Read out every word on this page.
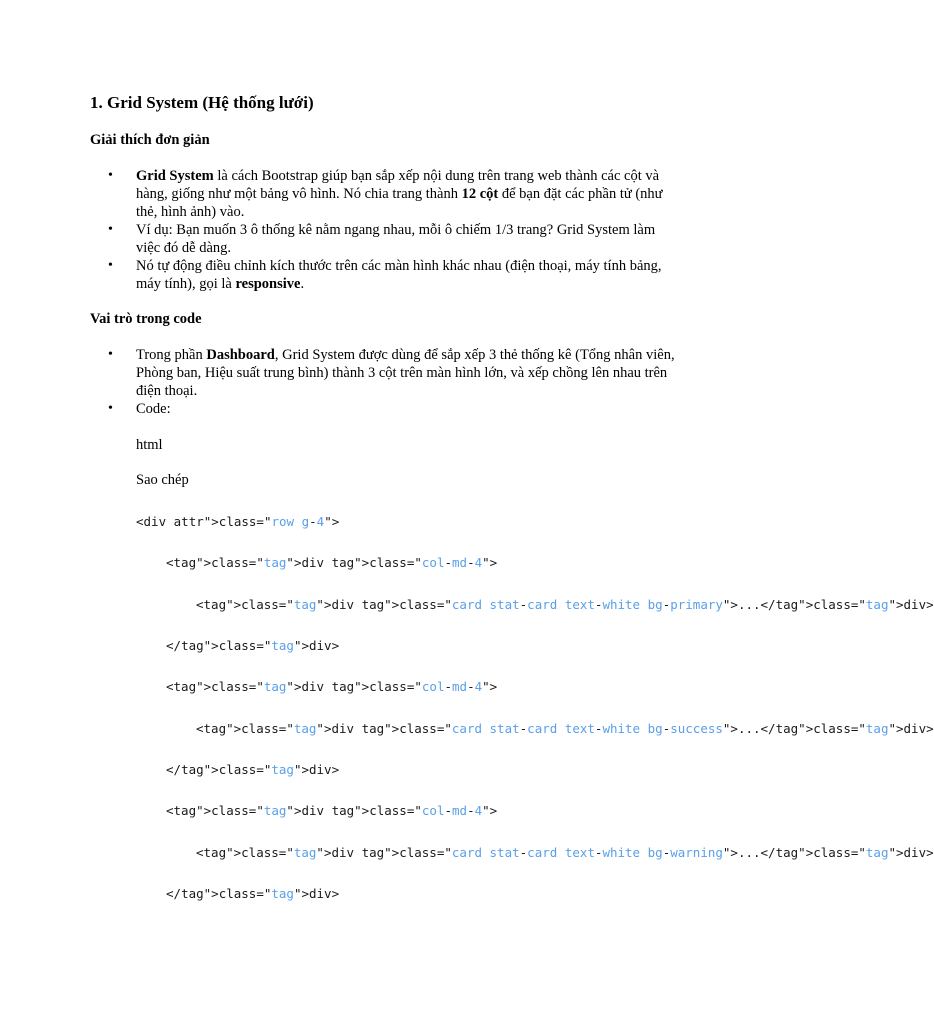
1. Grid System (Hệ thống lưới)
Giải thích đơn giản
• Grid System là cách Bootstrap giúp bạn sắp xếp nội dung trên trang web thành các cột và hàng, giống như một bảng vô hình. Nó chia trang thành 12 cột để bạn đặt các phần tử (như thẻ, hình ảnh) vào.
• Ví dụ: Bạn muốn 3 ô thống kê nằm ngang nhau, mỗi ô chiếm 1/3 trang? Grid System làm việc đó dễ dàng.
• Nó tự động điều chỉnh kích thước trên các màn hình khác nhau (điện thoại, máy tính bảng, máy tính), gọi là responsive.
Vai trò trong code
• Trong phần Dashboard, Grid System được dùng để sắp xếp 3 thẻ thống kê (Tổng nhân viên, Phòng ban, Hiệu suất trung bình) thành 3 cột trên màn hình lớn, và xếp chồng lên nhau trên điện thoại.
• Code:
html
Sao chép
<div attr">class="row g-4">
<tag">class="tag">div tag">class="col-md-4">
<tag">class="tag">div tag">class="card stat-card text-white bg-primary">...</tag">class="tag">div>
</tag">class="tag">div>
<tag">class="tag">div tag">class="col-md-4">
<tag">class="tag">div tag">class="card stat-card text-white bg-success">...</tag">class="tag">div>
</tag">class="tag">div>
<tag">class="tag">div tag">class="col-md-4">
<tag">class="tag">div tag">class="card stat-card text-white bg-warning">...</tag">class="tag">div>
</tag">class="tag">div>
